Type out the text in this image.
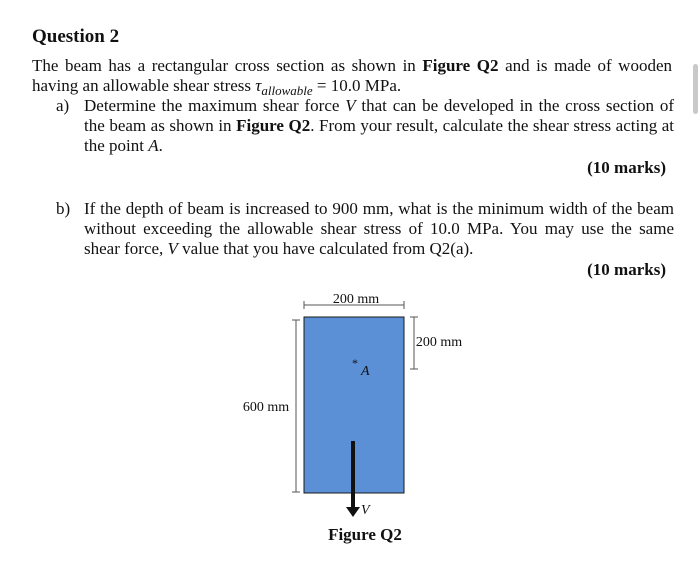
Question 2

The beam has a rectangular cross section as shown in Figure Q2 and is made of wooden having an allowable shear stress $\tau_{allowable} = 10.0$ MPa.

a) Determine the maximum shear force V that can be developed in the cross section of the beam as shown in Figure Q2. From your result, calculate the shear stress acting at the point A.
(10 marks)
b) If the depth of beam is increased to 900 mm, what is the minimum width of the beam without exceeding the allowable shear stress of 10.0 MPa. You may use the same shear force, V value that you have calculated from Q2(a).
(10 marks)
200 mm
600 mm
200 mm
*
A
V
Figure Q2
